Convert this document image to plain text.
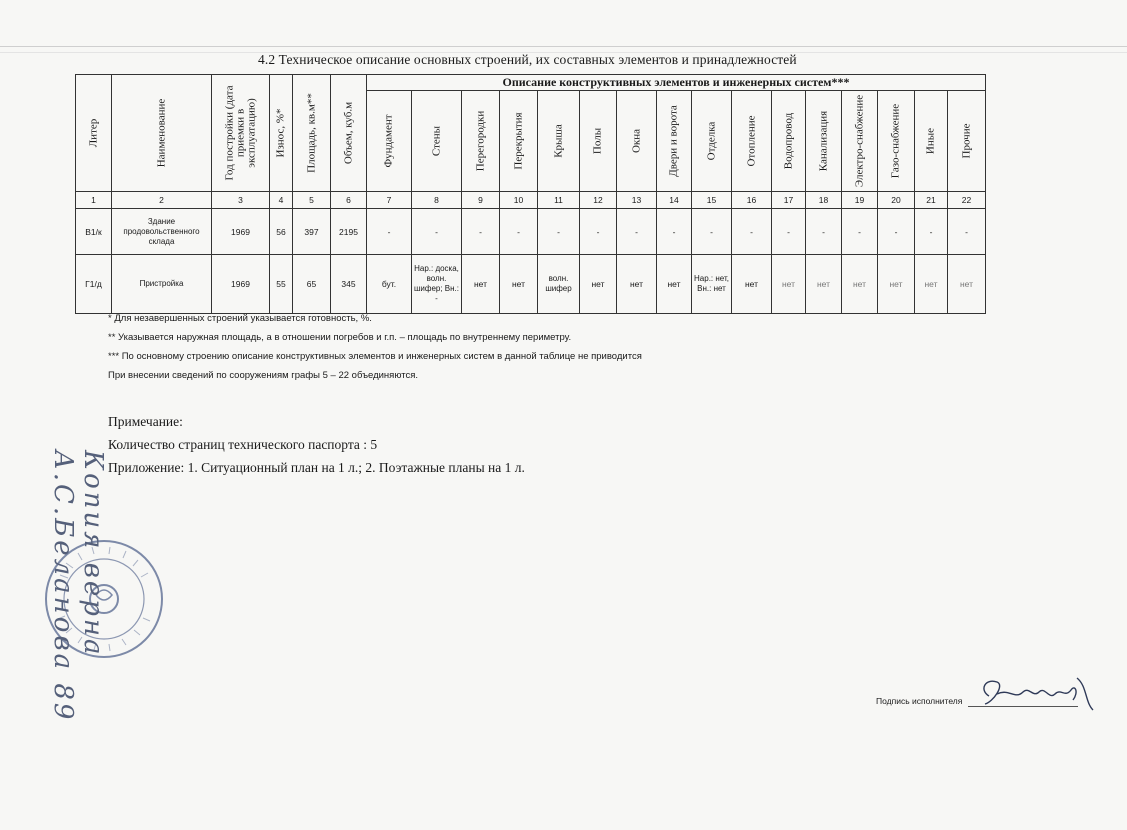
4.2 Техническое описание основных строений, их составных элементов и принадлежностей
Литер	Наименование	Год постройки (дата приемки в эксплуатацию)	Износ, %*	Площадь, кв.м**	Объем, куб.м	Описание конструктивных элементов и инженерных систем***															

						Фундамент	Стены	Перегородки	Перекрытия	Крыша	Полы	Окна	Двери и ворота	Отделка	Отопление	Водопровод	Канализация	Электро-снабжение	Газо-снабжение	Иные	Прочие

1	2	3	4	5	6	7	8	9	10	11	12	13	14	15	16	17	18	19	20	21	22
В1/к	Здание продовольственного склада	1969	56	397	2195	-	-	-	-	-	-	-	-	-	-	-	-	-	-	-	-
Г1/д	Пристройка	1969	55	65	345	бут.	Нар.: доска, волн. шифер; Вн.: -	нет	нет	волн. шифер	нет	нет	нет	Нар.: нет, Вн.: нет	нет	нет	нет	нет	нет	нет	нет
* Для незавершенных строений указывается готовность, %.
** Указывается наружная площадь, а в отношении погребов и г.п. – площадь по внутреннему периметру.
*** По основному строению описание конструктивных элементов и инженерных систем в данной таблице не приводится
При внесении сведений по сооружениям графы 5 – 22 объединяются.
Примечание:
Количество страниц технического паспорта : 5
Приложение: 1. Ситуационный план на 1 л.; 2. Поэтажные планы на 1 л.
Копия верна А.С.Беланова 89	Подпись исполнителя
